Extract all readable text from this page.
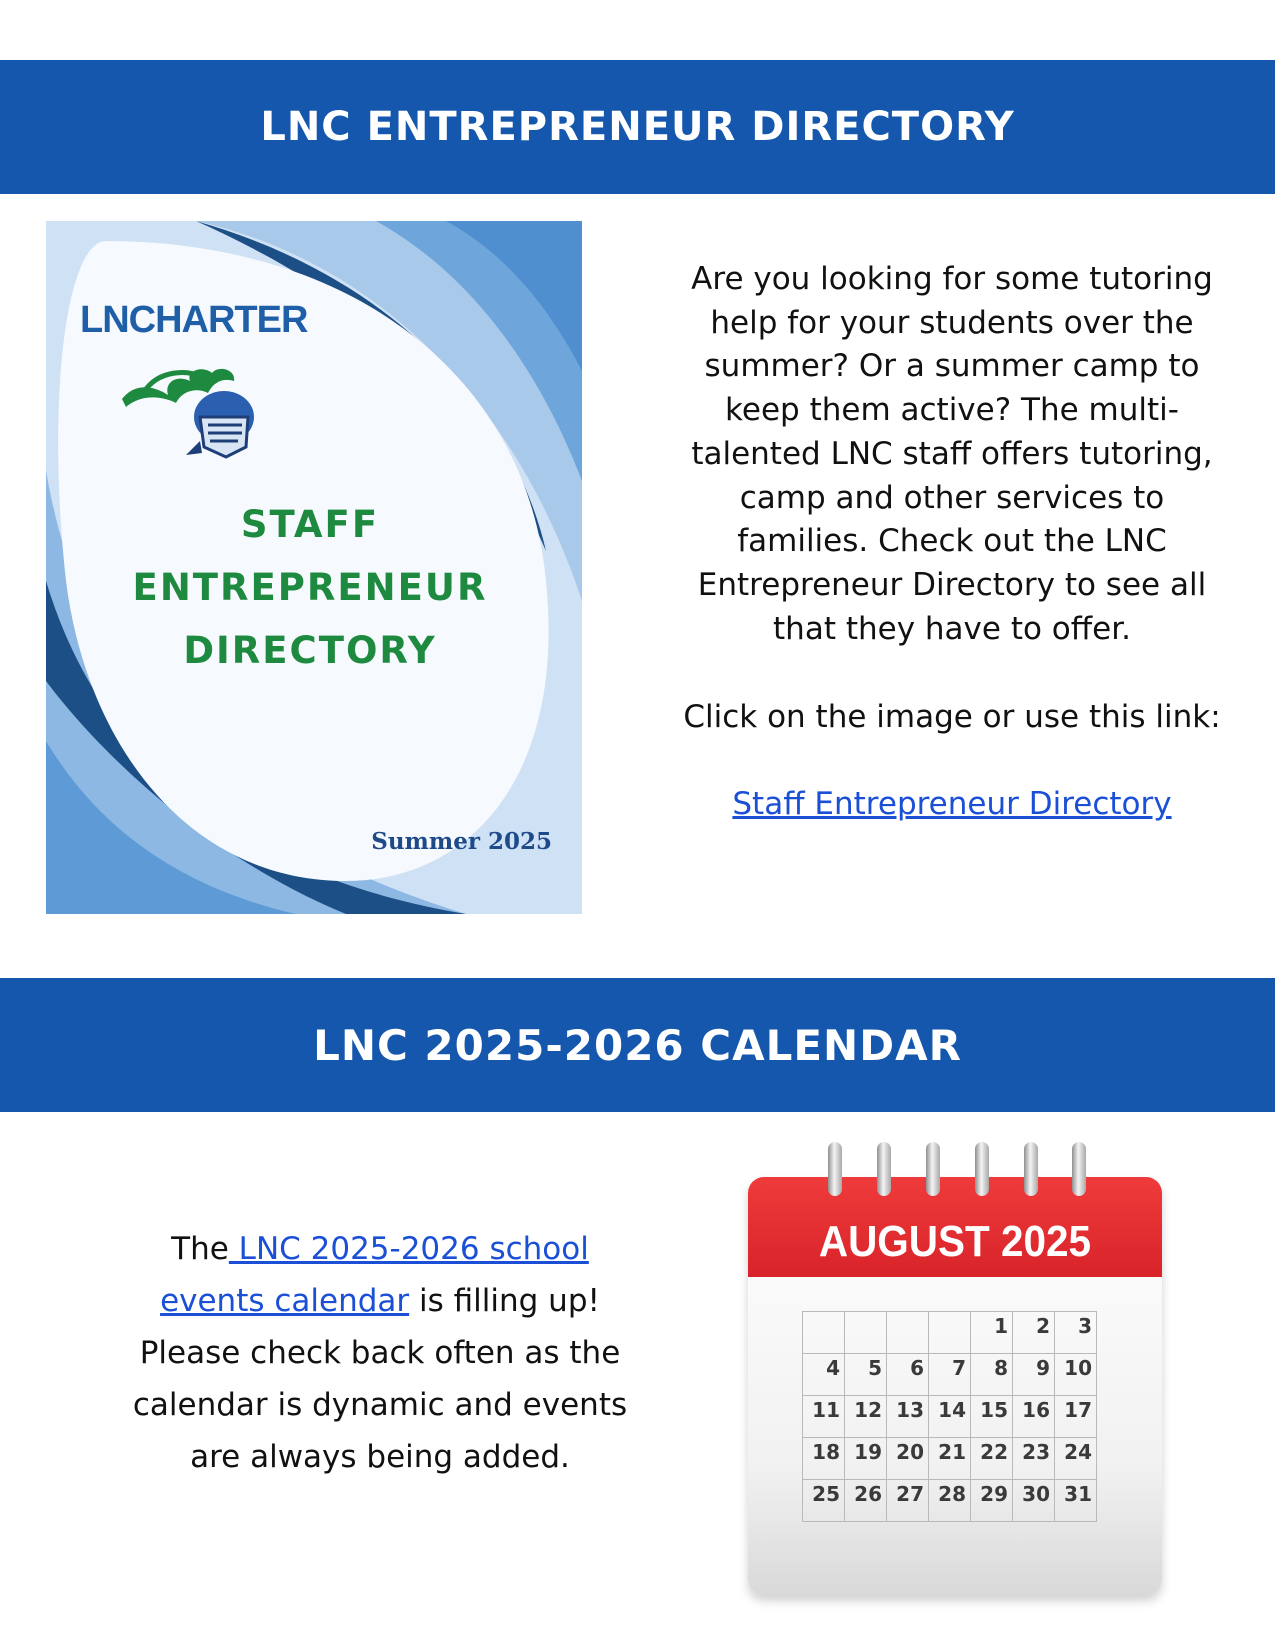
LNC ENTREPRENEUR DIRECTORY
LNCHARTER
STAFF
ENTREPRENEUR
DIRECTORY
Summer 2025
Are you looking for some tutoring
help for your students over the
summer? Or a summer camp to
keep them active? The multi-
talented LNC staff offers tutoring,
camp and other services to
families. Check out the LNC
Entrepreneur Directory to see all
that they have to offer.
Click on the image or use this link:
Staff Entrepreneur Directory
LNC 2025-2026 CALENDAR
The LNC 2025-2026 school
events calendar is filling up!
Please check back often as the
calendar is dynamic and events
are always being added.
AUGUST 2025
				1	2	3
4	5	6	7	8	9	10
11	12	13	14	15	16	17
18	19	20	21	22	23	24
25	26	27	28	29	30	31
